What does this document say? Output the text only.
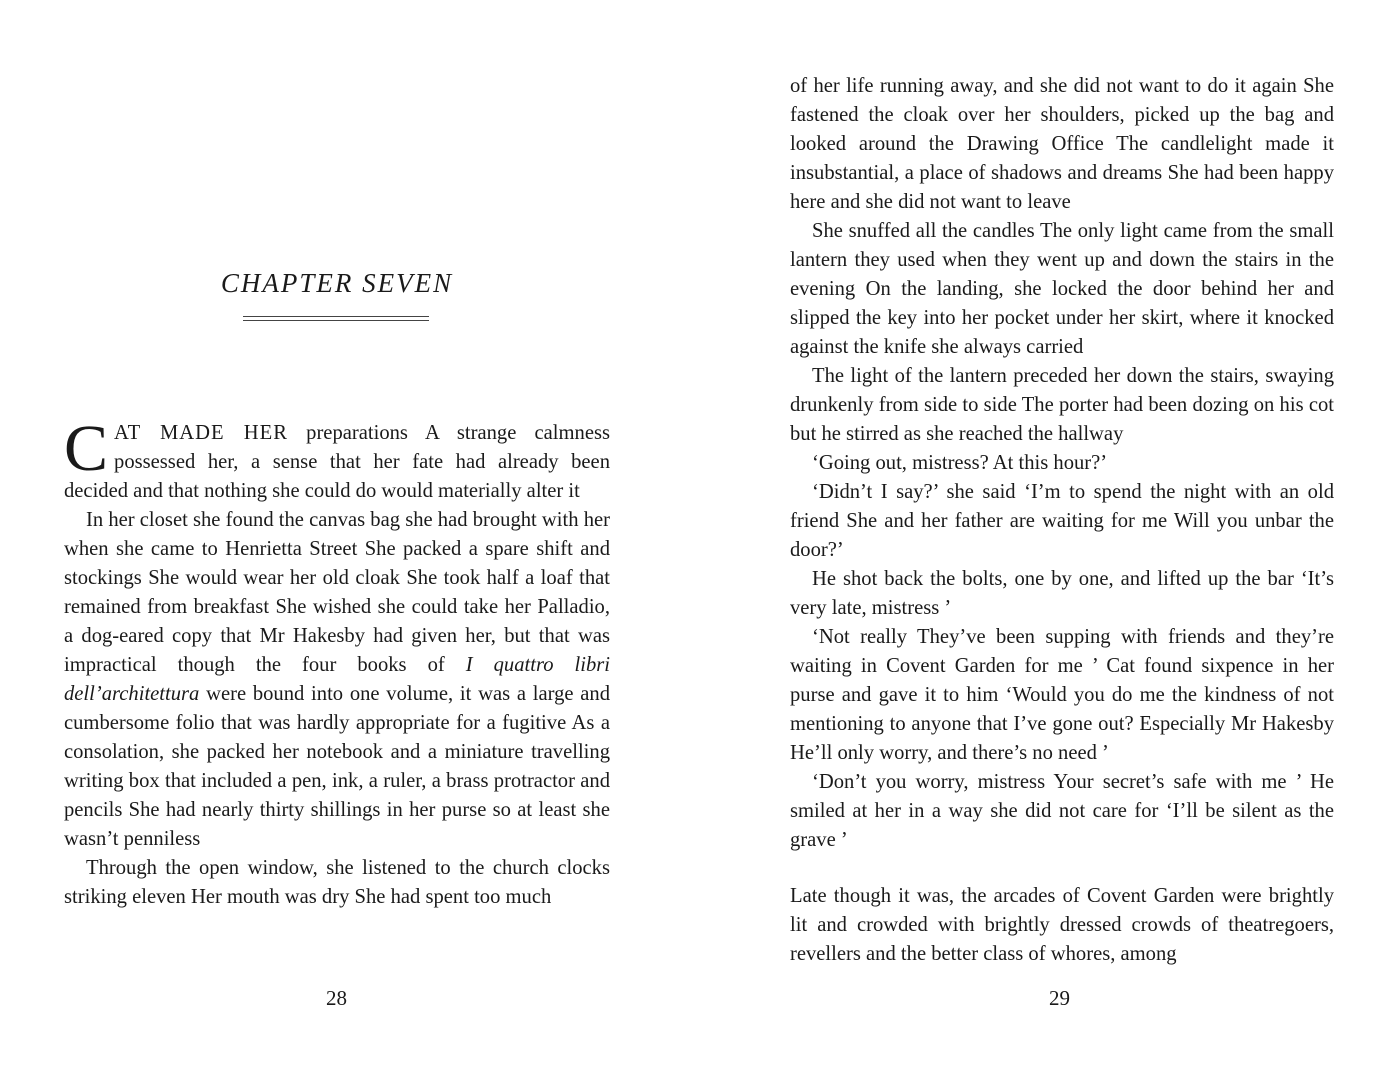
CHAPTER SEVEN

CAT MADE HER preparations A strange calmness possessed her, a sense that her fate had already been decided and that nothing she could do would materially alter it

In her closet she found the canvas bag she had brought with her when she came to Henrietta Street She packed a spare shift and stockings She would wear her old cloak She took half a loaf that remained from breakfast She wished she could take her Palladio, a dog-eared copy that Mr Hakesby had given her, but that was impractical though the four books of I quattro libri dell’architettura were bound into one volume, it was a large and cumbersome folio that was hardly appropriate for a fugitive As a consolation, she packed her notebook and a miniature travelling writing box that included a pen, ink, a ruler, a brass protractor and pencils She had nearly thirty shillings in her purse so at least she wasn’t penniless

Through the open window, she listened to the church clocks striking eleven Her mouth was dry She had spent too much

28

of her life running away, and she did not want to do it again She fastened the cloak over her shoulders, picked up the bag and looked around the Drawing Office The candlelight made it insubstantial, a place of shadows and dreams She had been happy here and she did not want to leave

She snuffed all the candles The only light came from the small lantern they used when they went up and down the stairs in the evening On the landing, she locked the door behind her and slipped the key into her pocket under her skirt, where it knocked against the knife she always carried

The light of the lantern preceded her down the stairs, swaying drunkenly from side to side The porter had been dozing on his cot but he stirred as she reached the hallway

‘Going out, mistress? At this hour?’

‘Didn’t I say?’ she said ‘I’m to spend the night with an old friend She and her father are waiting for me Will you unbar the door?’

He shot back the bolts, one by one, and lifted up the bar ‘It’s very late, mistress ’

‘Not really They’ve been supping with friends and they’re waiting in Covent Garden for me ’ Cat found sixpence in her purse and gave it to him ‘Would you do me the kindness of not mentioning to anyone that I’ve gone out? Especially Mr Hakesby He’ll only worry, and there’s no need ’

‘Don’t you worry, mistress Your secret’s safe with me ’ He smiled at her in a way she did not care for ‘I’ll be silent as the grave ’

Late though it was, the arcades of Covent Garden were brightly lit and crowded with brightly dressed crowds of theatregoers, revellers and the better class of whores, among

29
